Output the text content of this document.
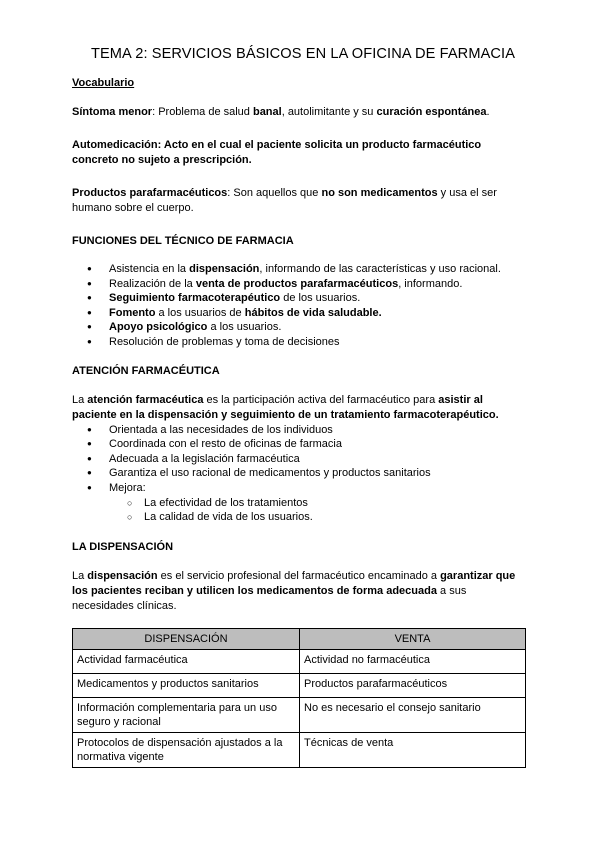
TEMA 2: SERVICIOS BÁSICOS EN LA OFICINA DE FARMACIA
Vocabulario

Síntoma menor: Problema de salud banal, autolimitante y su curación espontánea.

Automedicación: Acto en el cual el paciente solicita un producto farmacéutico concreto no sujeto a prescripción.

Productos parafarmacéuticos: Son aquellos que no son medicamentos y usa el ser humano sobre el cuerpo.

FUNCIONES DEL TÉCNICO DE FARMACIA
● Asistencia en la dispensación, informando de las características y uso racional.
● Realización de la venta de productos parafarmacéuticos, informando.
● Seguimiento farmacoterapéutico de los usuarios.
● Fomento a los usuarios de hábitos de vida saludable.
● Apoyo psicológico a los usuarios.
● Resolución de problemas y toma de decisiones
ATENCIÓN FARMACÉUTICA

La atención farmacéutica es la participación activa del farmacéutico para asistir al paciente en la dispensación y seguimiento de un tratamiento farmacoterapéutico.

● Orientada a las necesidades de los individuos
● Coordinada con el resto de oficinas de farmacia
● Adecuada a la legislación farmacéutica
● Garantiza el uso racional de medicamentos y productos sanitarios
● Mejora:
○ La efectividad de los tratamientos
○ La calidad de vida de los usuarios.
LA DISPENSACIÓN

La dispensación es el servicio profesional del farmacéutico encaminado a garantizar que los pacientes reciban y utilicen los medicamentos de forma adecuada a sus necesidades clínicas.

DISPENSACIÓN	VENTA
Actividad farmacéutica	Actividad no farmacéutica
Medicamentos y productos sanitarios	Productos parafarmacéuticos
Información complementaria para un uso seguro y racional	No es necesario el consejo sanitario
Protocolos de dispensación ajustados a la normativa vigente	Técnicas de venta
